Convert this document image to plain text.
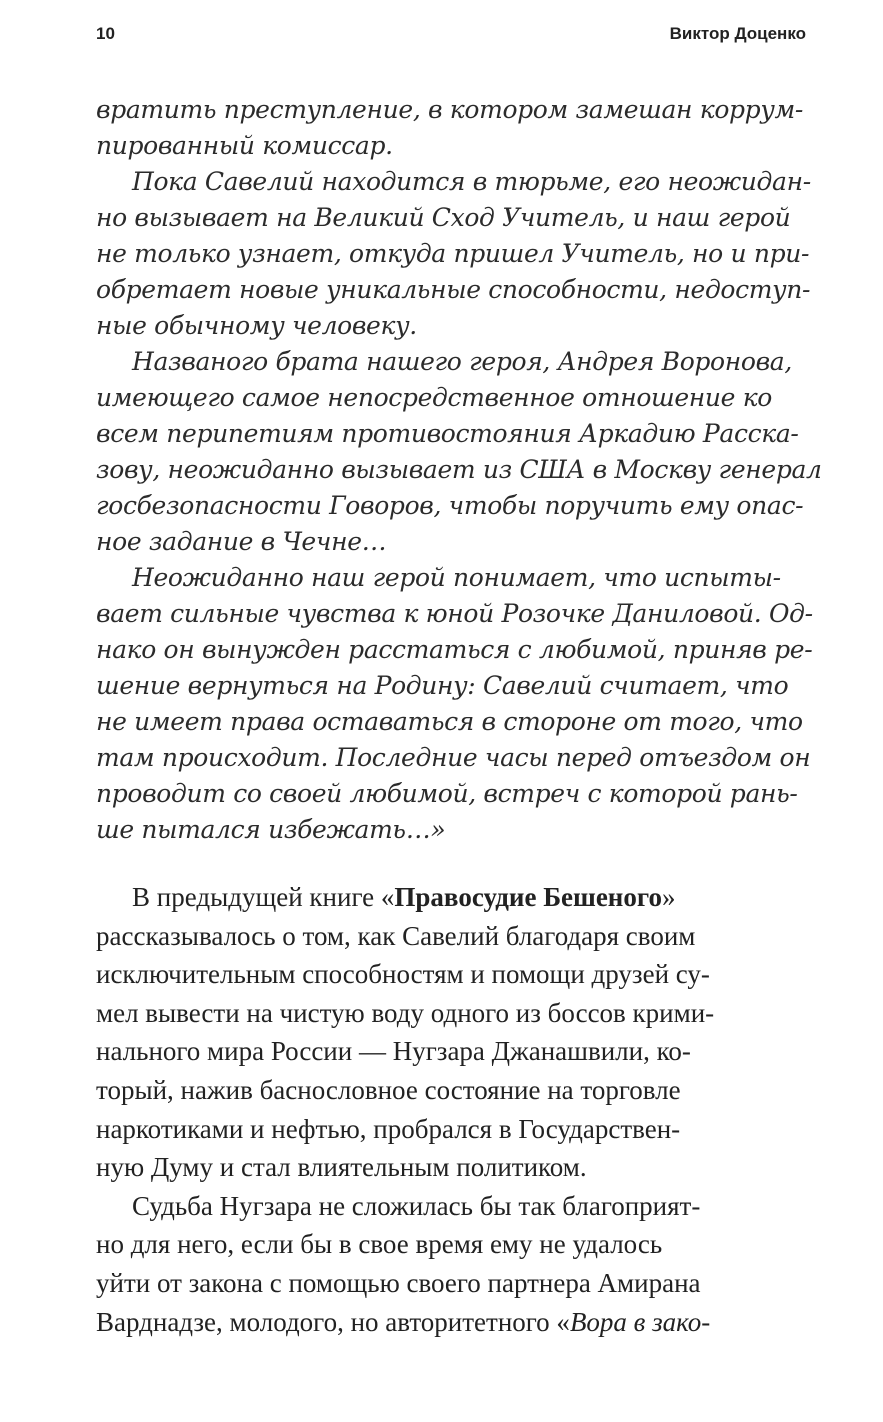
10	Виктор Доценко
вратить преступление, в котором замешан коррум-
пированный комиссар.
Пока Савелий находится в тюрьме, его неожидан-
но вызывает на Великий Сход Учитель, и наш герой
не только узнает, откуда пришел Учитель, но и при-
обретает новые уникальные способности, недоступ-
ные обычному человеку.
Названого брата нашего героя, Андрея Воронова,
имеющего самое непосредственное отношение ко
всем перипетиям противостояния Аркадию Расска-
зову, неожиданно вызывает из США в Москву генерал
госбезопасности Говоров, чтобы поручить ему опас-
ное задание в Чечне…
Неожиданно наш герой понимает, что испыты-
вает сильные чувства к юной Розочке Даниловой. Од-
нако он вынужден расстаться с любимой, приняв ре-
шение вернуться на Родину: Савелий считает, что
не имеет права оставаться в стороне от того, что
там происходит. Последние часы перед отъездом он
проводит со своей любимой, встреч с которой рань-
ше пытался избежать…»
В предыдущей книге «Правосудие Бешеного»
рассказывалось о том, как Савелий благодаря своим
исключительным способностям и помощи друзей су-
мел вывести на чистую воду одного из боссов крими-
нального мира России — Нугзара Джанашвили, ко-
торый, нажив баснословное состояние на торговле
наркотиками и нефтью, пробрался в Государствен-
ную Думу и стал влиятельным политиком.
Судьба Нугзара не сложилась бы так благоприят-
но для него, если бы в свое время ему не удалось
уйти от закона с помощью своего партнера Амирана
Варднадзе, молодого, но авторитетного «Вора в зако-
